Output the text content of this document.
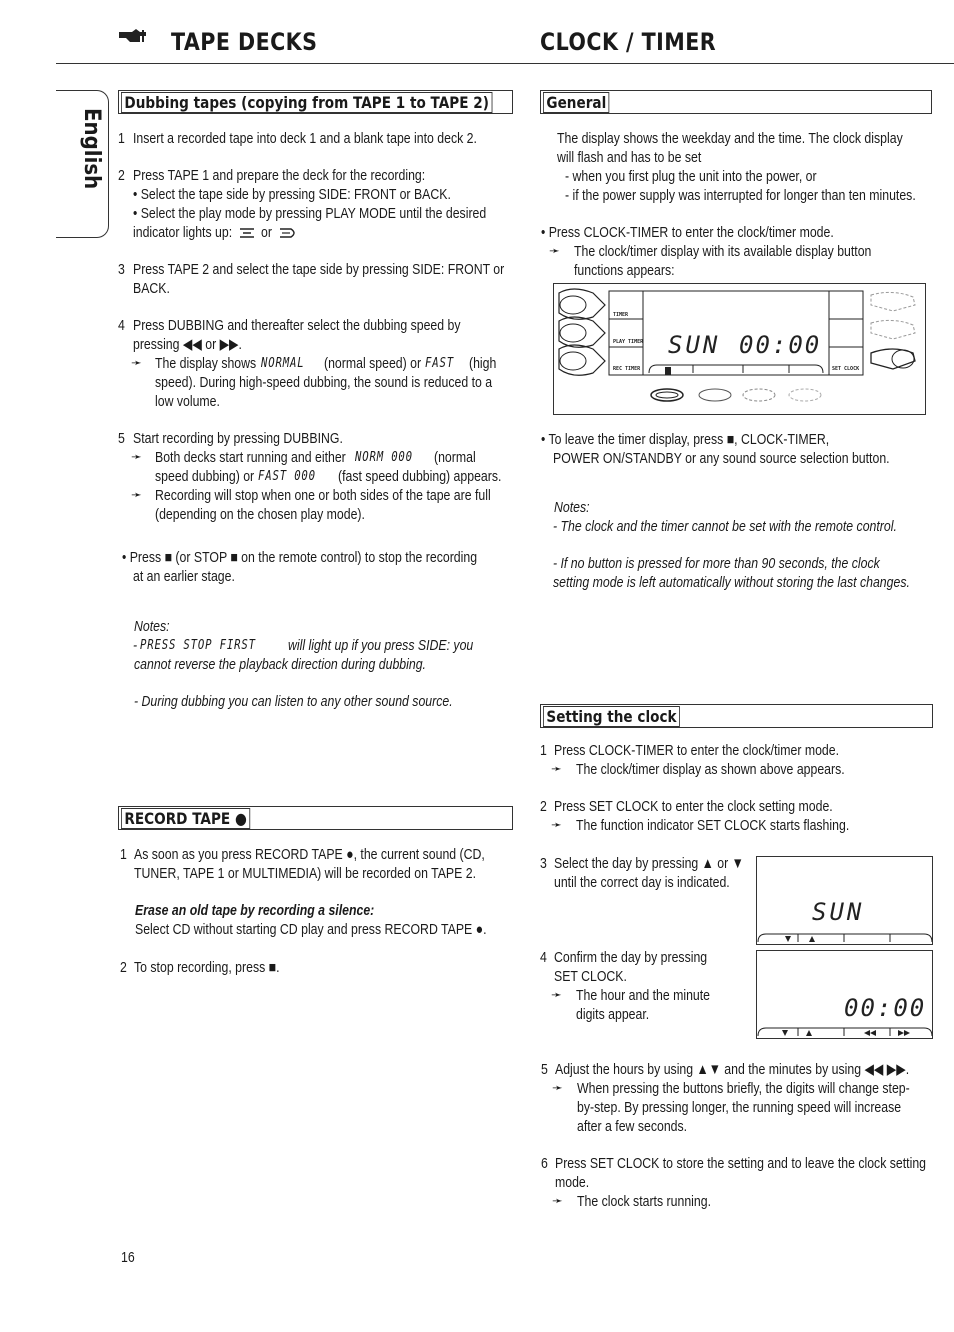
TAPE DECKS	CLOCK / TIMER
English
Dubbing tapes (copying from TAPE 1 to TAPE 2)
1 Insert a recorded tape into deck 1 and a blank tape into deck 2.
2 Press TAPE 1 and prepare the deck for the recording:
• Select the tape side by pressing SIDE: FRONT or BACK.
• Select the play mode by pressing PLAY MODE until the desired
indicator lights up: or
3 Press TAPE 2 and select the tape side by pressing SIDE: FRONT or
BACK.
4 Press DUBBING and thereafter select the dubbing speed by
pressing ◀◀ or ▶▶.
➛ The display shows NORMAL (normal speed) or FAST (high
speed). During high-speed dubbing, the sound is reduced to a
low volume.
5 Start recording by pressing DUBBING.
➛ Both decks start running and either NORM 000 (normal
speed dubbing) or FAST 000 (fast speed dubbing) appears.
➛ Recording will stop when one or both sides of the tape are full
(depending on the chosen play mode).
• Press ■ (or STOP ■ on the remote control) to stop the recording
at an earlier stage.
Notes:
- PRESS STOP FIRST will light up if you press SIDE: you
cannot reverse the playback direction during dubbing.
- During dubbing you can listen to any other sound source.
RECORD TAPE ●
1 As soon as you press RECORD TAPE ●, the current sound (CD,
TUNER, TAPE 1 or MULTIMEDIA) will be recorded on TAPE 2.
Erase an old tape by recording a silence:
Select CD without starting CD play and press RECORD TAPE ●.
2 To stop recording, press ■.
General
The display shows the weekday and the time. The clock display
will flash and has to be set
- when you first plug the unit into the power, or
- if the power supply was interrupted for longer than ten minutes.
• Press CLOCK-TIMER to enter the clock/timer mode.
➛ The clock/timer display with its available display button
functions appears:
TIMER
PLAY TIMER
REC TIMER	SET CLOCK
SUN 00:00
• To leave the timer display, press ■, CLOCK-TIMER,
POWER ON/STANDBY or any sound source selection button.
Notes:
- The clock and the timer cannot be set with the remote control.
- If no button is pressed for more than 90 seconds, the clock
setting mode is left automatically without storing the last changes.
Setting the clock
1 Press CLOCK-TIMER to enter the clock/timer mode.
➛ The clock/timer display as shown above appears.
2 Press SET CLOCK to enter the clock setting mode.
➛ The function indicator SET CLOCK starts flashing.
3 Select the day by pressing ▲ or ▼
until the correct day is indicated.
SUN
4 Confirm the day by pressing
SET CLOCK.
➛ The hour and the minute
digits appear.	00:00
5 Adjust the hours by using ▲▼ and the minutes by using ◀◀ ▶▶.
➛ When pressing the buttons briefly, the digits will change step-
by-step. By pressing longer, the running speed will increase
after a few seconds.
6 Press SET CLOCK to store the setting and to leave the clock setting
mode.
➛ The clock starts running.
16
